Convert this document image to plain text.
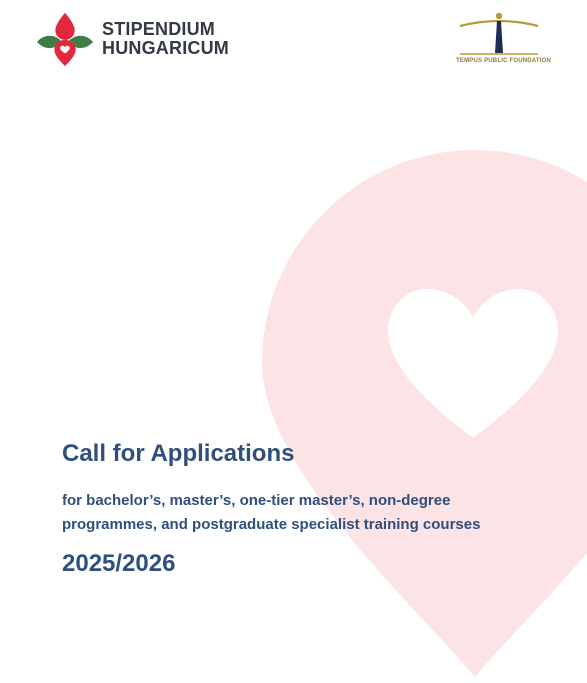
STIPENDIUM
HUNGARICUM
TEMPUS PUBLIC FOUNDATION
Call for Applications
for bachelor’s, master’s, one-tier master’s, non-degree
programmes, and postgraduate specialist training courses
2025/2026
